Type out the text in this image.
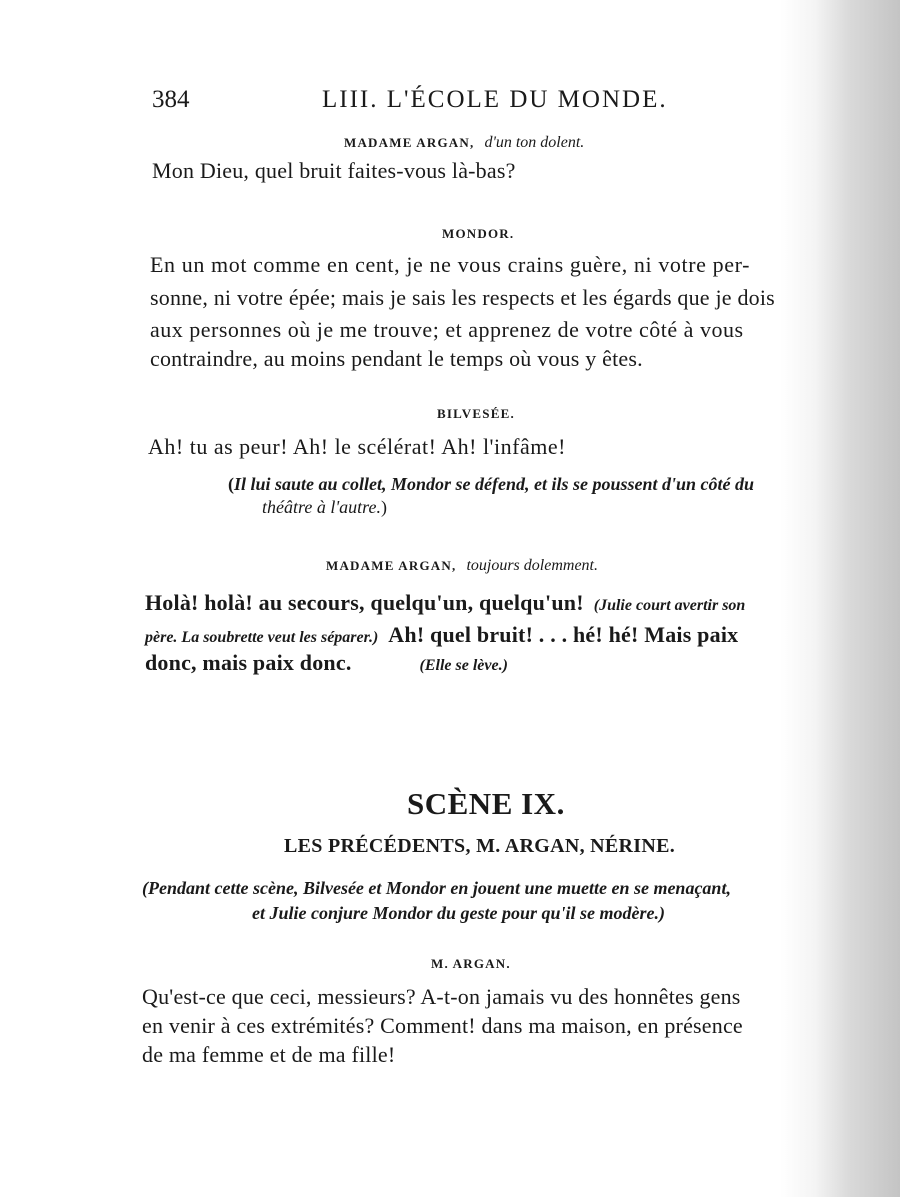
384	LIII. L'ÉCOLE DU MONDE.
MADAME ARGAN, d'un ton dolent.
Mon Dieu, quel bruit faites-vous là-bas?
MONDOR.
En un mot comme en cent, je ne vous crains guère, ni votre per-
sonne, ni votre épée; mais je sais les respects et les égards que je dois
aux personnes où je me trouve; et apprenez de votre côté à vous
contraindre, au moins pendant le temps où vous y êtes.
BILVESÉE.
Ah! tu as peur! Ah! le scélérat! Ah! l'infâme!
(Il lui saute au collet, Mondor se défend, et ils se poussent d'un côté du
théâtre à l'autre.)
MADAME ARGAN, toujours dolemment.
Holà! holà! au secours, quelqu'un, quelqu'un! (Julie court avertir son
père. La soubrette veut les séparer.) Ah! quel bruit! . . . hé! hé! Mais paix
donc, mais paix donc.	(Elle se lève.)
SCÈNE IX.
LES PRÉCÉDENTS, M. ARGAN, NÉRINE.
(Pendant cette scène, Bilvesée et Mondor en jouent une muette en se menaçant,
et Julie conjure Mondor du geste pour qu'il se modère.)
M. ARGAN.
Qu'est-ce que ceci, messieurs? A-t-on jamais vu des honnêtes gens
en venir à ces extrémités? Comment! dans ma maison, en présence
de ma femme et de ma fille!
